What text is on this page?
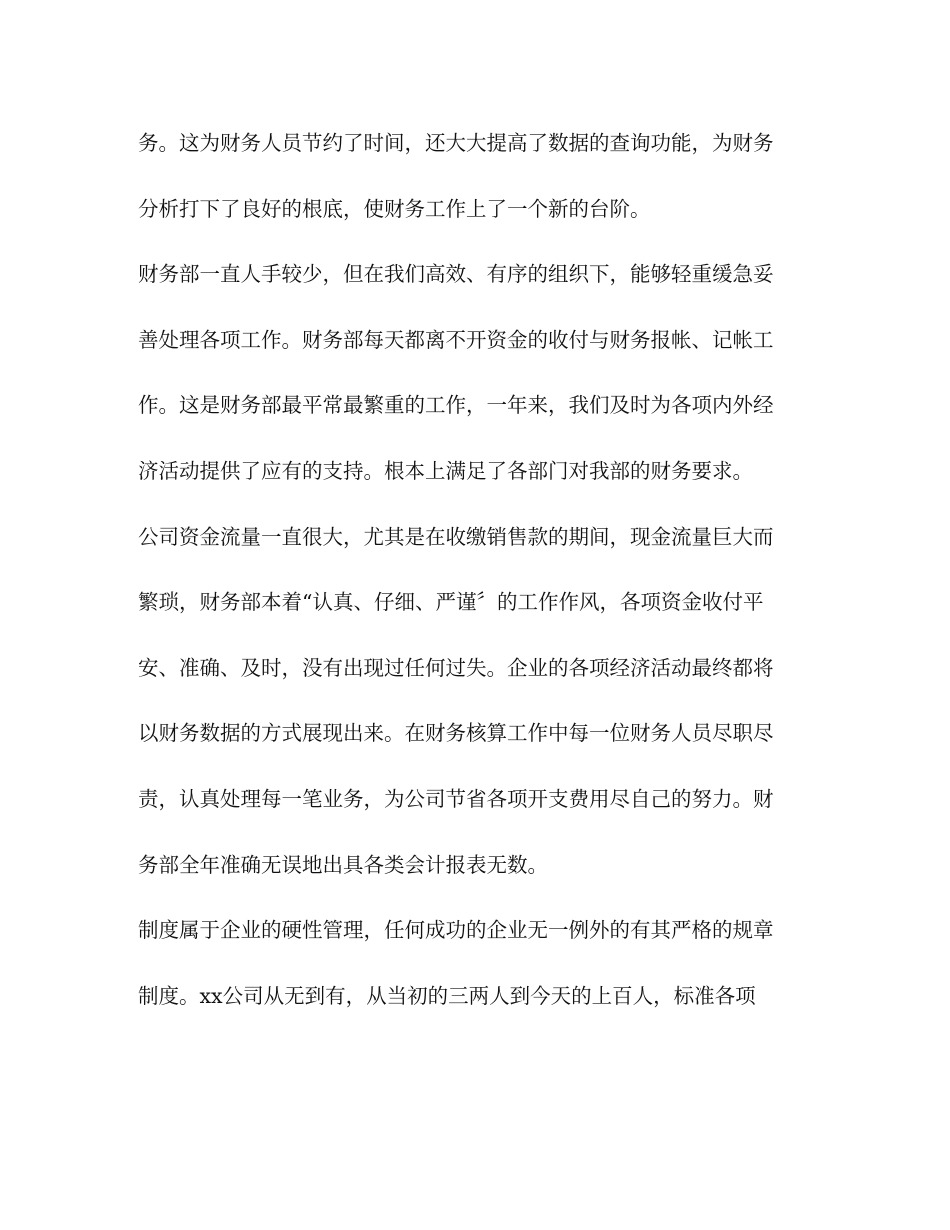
务。这为财务人员节约了时间，还大大提高了数据的查询功能，为财务
分析打下了良好的根底，使财务工作上了一个新的台阶。
财务部一直人手较少，但在我们高效、有序的组织下，能够轻重缓急妥
善处理各项工作。财务部每天都离不开资金的收付与财务报帐、记帐工
作。这是财务部最平常最繁重的工作，一年来，我们及时为各项内外经
济活动提供了应有的支持。根本上满足了各部门对我部的财务要求。
公司资金流量一直很大，尤其是在收缴销售款的期间，现金流量巨大而
繁琐，财务部本着“认真、仔细、严谨〞的工作作风，各项资金收付平
安、准确、及时，没有出现过任何过失。企业的各项经济活动最终都将
以财务数据的方式展现出来。在财务核算工作中每一位财务人员尽职尽
责，认真处理每一笔业务，为公司节省各项开支费用尽自己的努力。财
务部全年准确无误地出具各类会计报表无数。
制度属于企业的硬性管理，任何成功的企业无一例外的有其严格的规章
制度。xx公司从无到有，从当初的三两人到今天的上百人，标准各项
